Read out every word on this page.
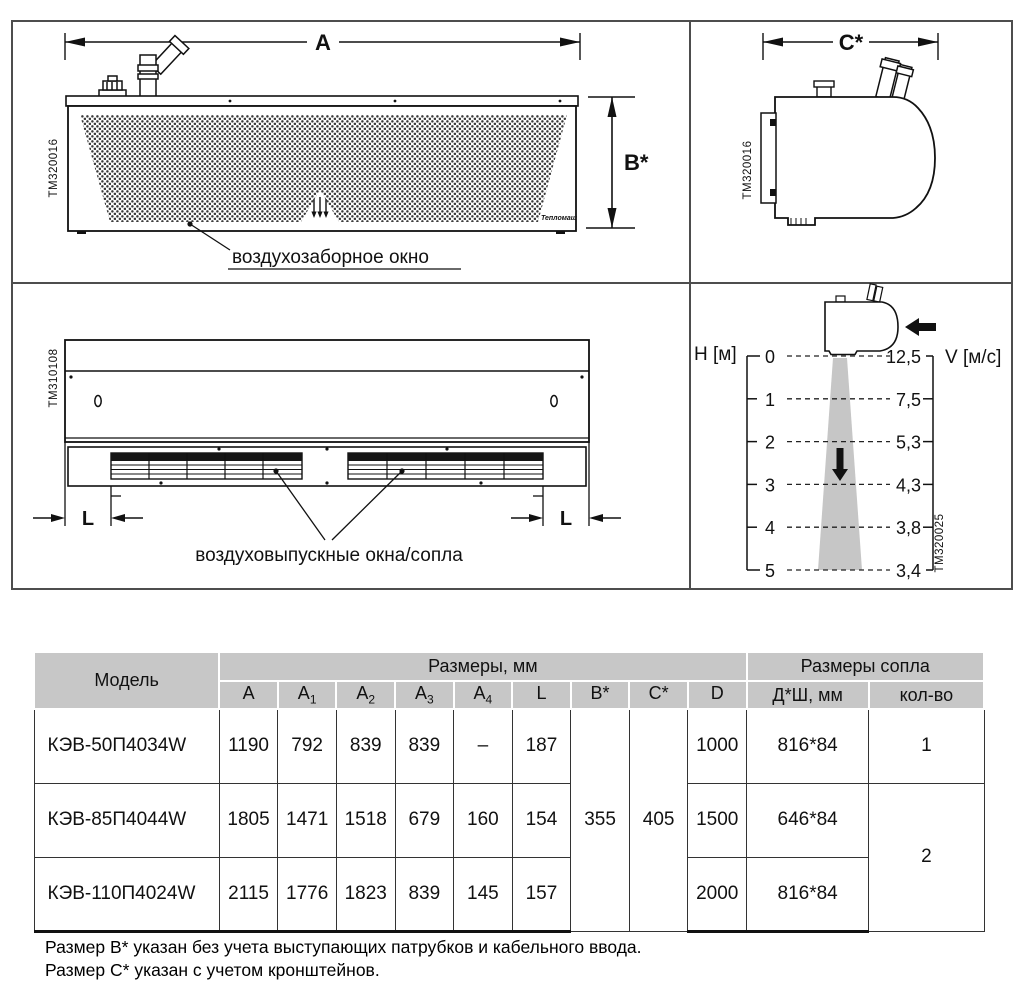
A
ТМ320016
Тепломаш
воздухозаборное окно
B*
C*
ТМ320016
ТМ310108
L	L
воздуховыпускные окна/сопла
H [м] 0
1
2
3
4
5
12,5
7,5
5,3
4,3
3,8
3,4
V [м/с]
ТМ320025
Модель	Размеры, мм									Размеры сопла	
	A	$A_1$	$A_2$	$A_3$	$A_4$	L	B*	C*	D	Д*Ш, мм	кол-во
КЭВ-50П4034W	1190	792	839	839	–	187	355	405	1000	816*84	1
КЭВ-85П4044W	1805	1471	1518	679	160	154			1500	646*84	2
КЭВ-110П4024W	2115	1776	1823	839	145	157			2000	816*84	
Размер B* указан без учета выступающих патрубков и кабельного ввода.
Размер С* указан с учетом кронштейнов.
